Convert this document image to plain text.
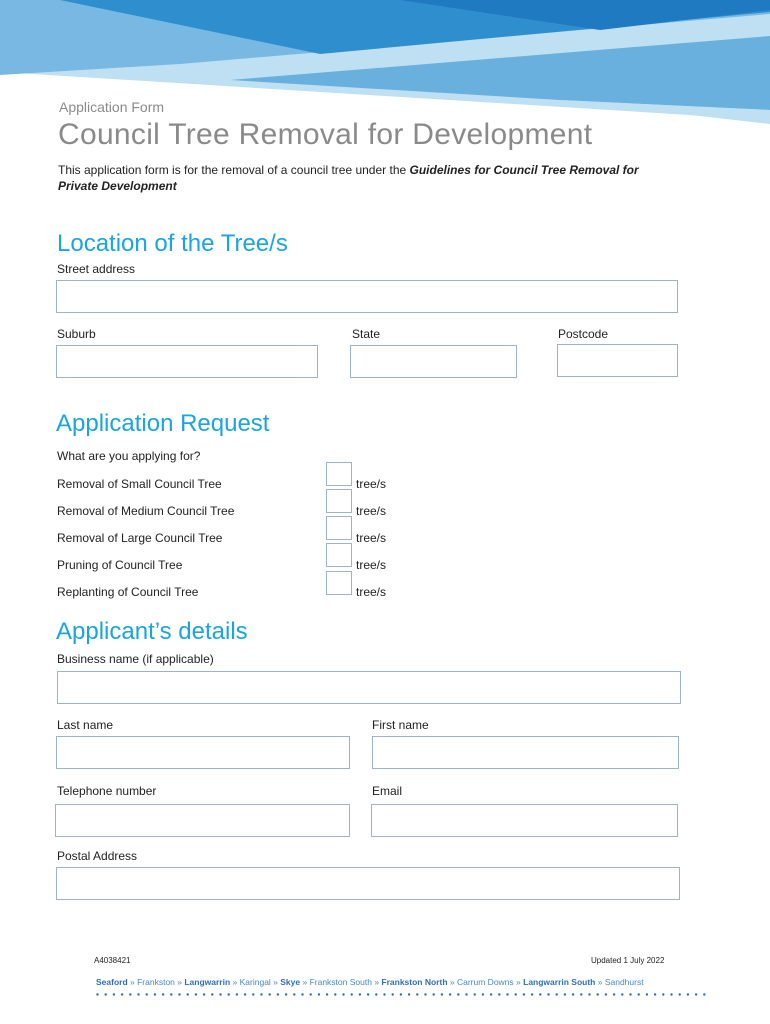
Application Form
Council Tree Removal for Development
This application form is for the removal of a council tree under the Guidelines for Council Tree Removal for Private Development
Location of the Tree/s
Street address
Suburb	State	Postcode
Application Request
What are you applying for?
Removal of Small Council Tree	tree/s
Removal of Medium Council Tree	tree/s
Removal of Large Council Tree	tree/s
Pruning of Council Tree	tree/s
Replanting of Council Tree	tree/s
Applicant’s details
Business name (if applicable)
Last name	First name
Telephone number	Email
Postal Address
A4038421	Updated 1 July 2022
Seaford » Frankston » Langwarrin » Karingal » Skye » Frankston South » Frankston North » Carrum Downs » Langwarrin South » Sandhurst
